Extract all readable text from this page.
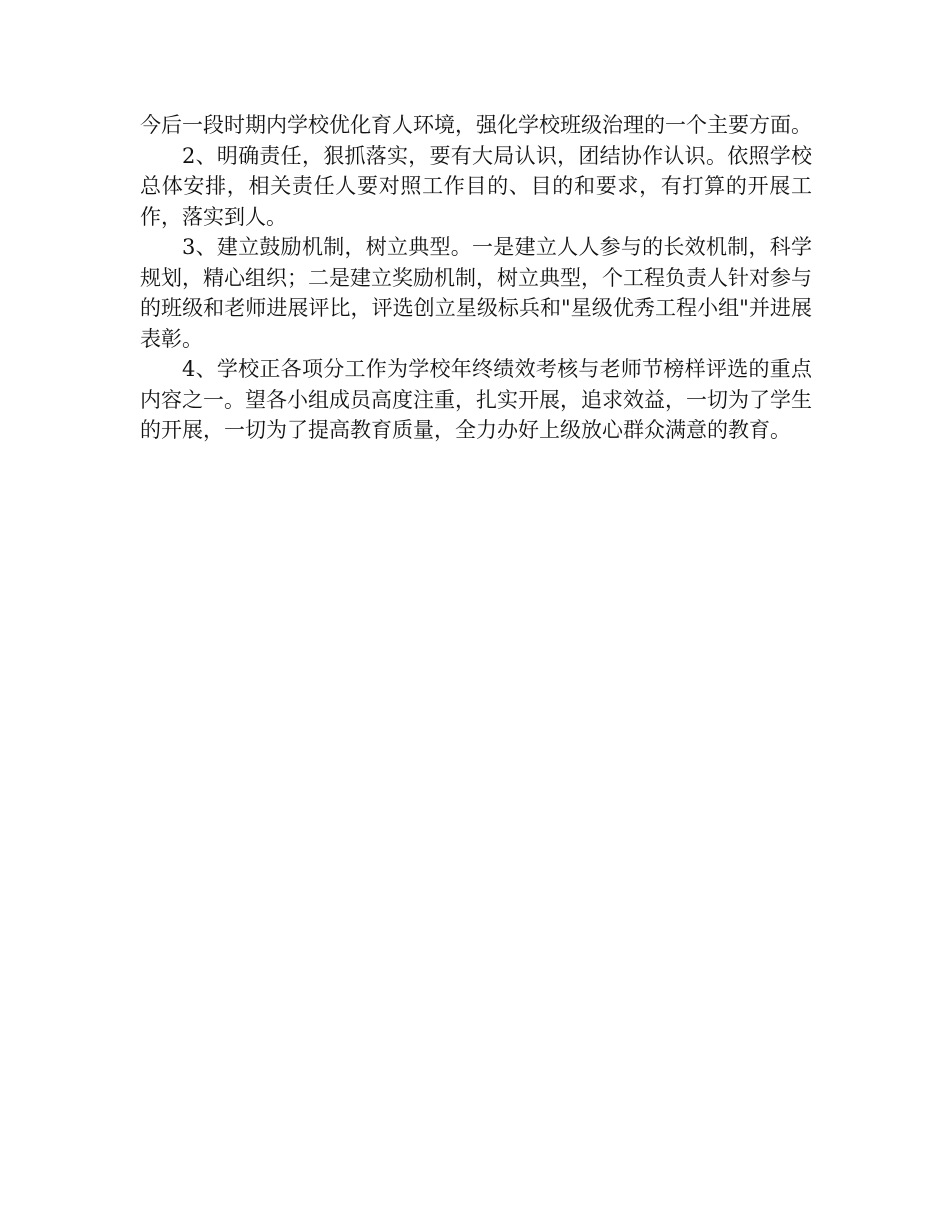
今后一段时期内学校优化育人环境，强化学校班级治理的一个主要方面。

2、明确责任，狠抓落实，要有大局认识，团结协作认识。依照学校总体安排，相关责任人要对照工作目的、目的和要求，有打算的开展工作，落实到人。

3、建立鼓励机制，树立典型。一是建立人人参与的长效机制，科学规划，精心组织；二是建立奖励机制，树立典型，个工程负责人针对参与的班级和老师进展评比，评选创立星级标兵和"星级优秀工程小组"并进展表彰。

4、学校正各项分工作为学校年终绩效考核与老师节榜样评选的重点内容之一。望各小组成员高度注重，扎实开展，追求效益，一切为了学生的开展，一切为了提高教育质量，全力办好上级放心群众满意的教育。
